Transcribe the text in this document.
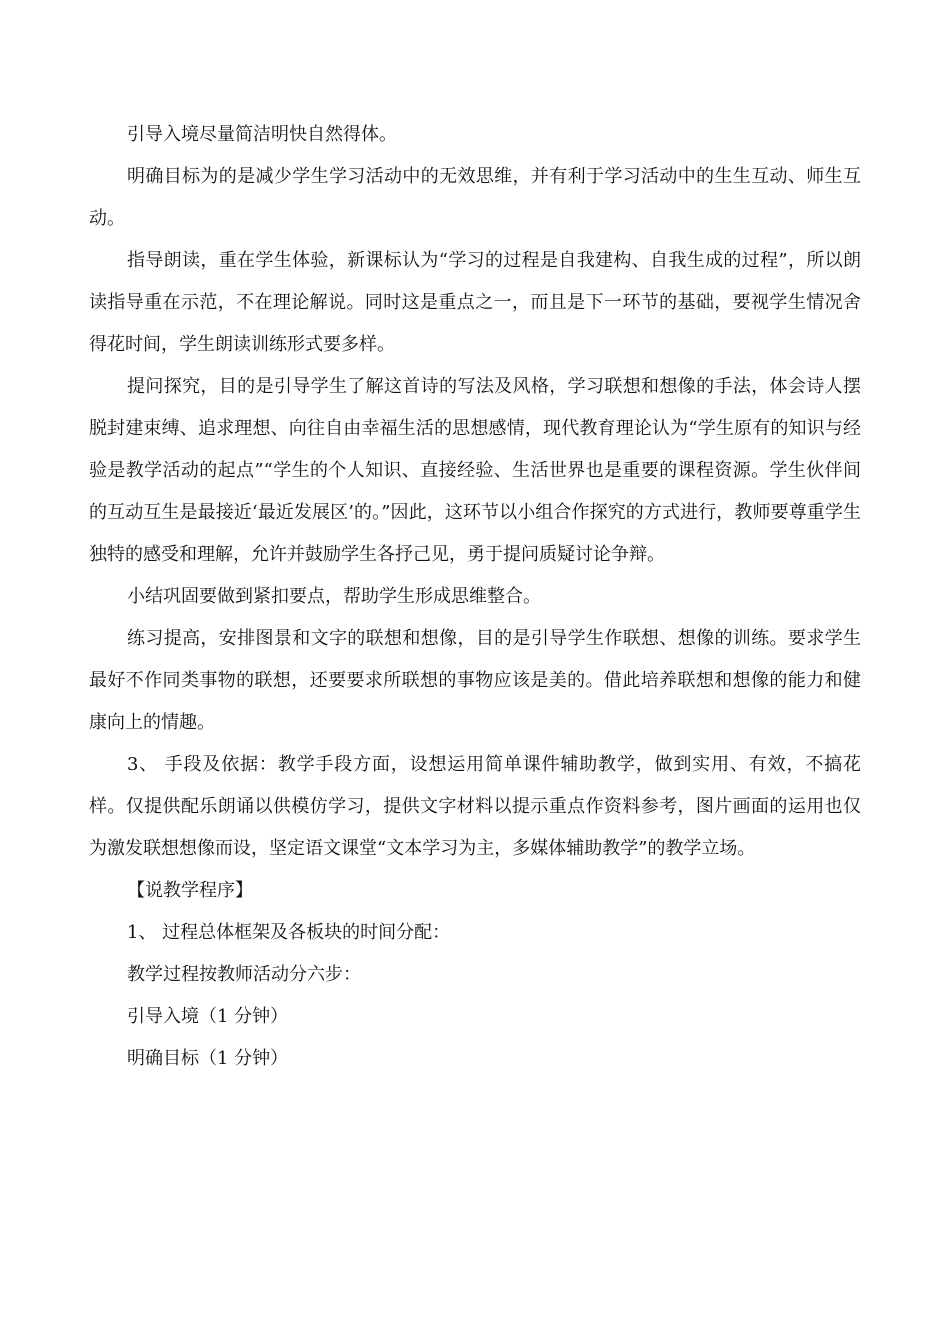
引导入境尽量简洁明快自然得体。

明确目标为的是减少学生学习活动中的无效思维，并有利于学习活动中的生生互动、师生互动。

指导朗读，重在学生体验，新课标认为“学习的过程是自我建构、自我生成的过程”，所以朗读指导重在示范，不在理论解说。同时这是重点之一，而且是下一环节的基础，要视学生情况舍得花时间，学生朗读训练形式要多样。

提问探究，目的是引导学生了解这首诗的写法及风格，学习联想和想像的手法，体会诗人摆脱封建束缚、追求理想、向往自由幸福生活的思想感情，现代教育理论认为“学生原有的知识与经验是教学活动的起点”“学生的个人知识、直接经验、生活世界也是重要的课程资源。学生伙伴间的互动互生是最接近‘最近发展区’的。”因此，这环节以小组合作探究的方式进行，教师要尊重学生独特的感受和理解，允许并鼓励学生各抒己见，勇于提问质疑讨论争辩。

小结巩固要做到紧扣要点，帮助学生形成思维整合。

练习提高，安排图景和文字的联想和想像，目的是引导学生作联想、想像的训练。要求学生最好不作同类事物的联想，还要要求所联想的事物应该是美的。借此培养联想和想像的能力和健康向上的情趣。

3、 手段及依据：教学手段方面，设想运用简单课件辅助教学，做到实用、有效，不搞花样。仅提供配乐朗诵以供模仿学习，提供文字材料以提示重点作资料参考，图片画面的运用也仅为激发联想想像而设，坚定语文课堂“文本学习为主，多媒体辅助教学”的教学立场。

【说教学程序】

1、 过程总体框架及各板块的时间分配：

教学过程按教师活动分六步：

引导入境（1 分钟）

明确目标（1 分钟）
